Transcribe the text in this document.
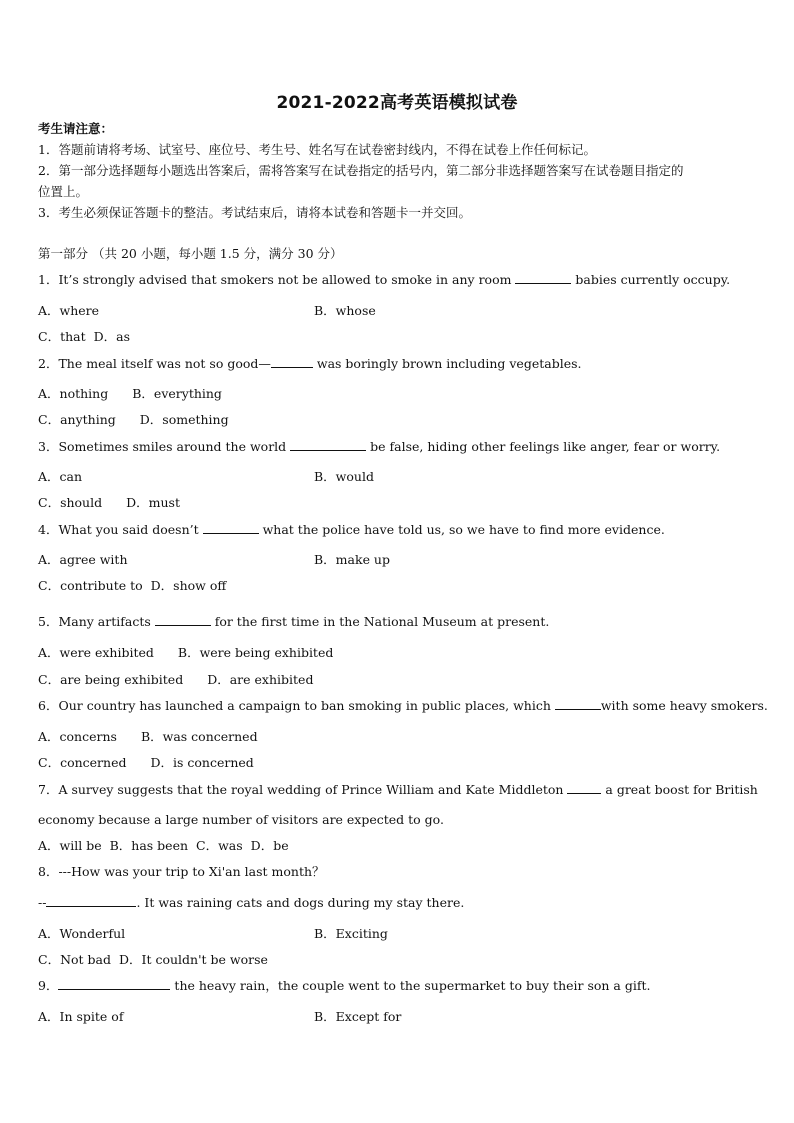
2021-2022高考英语模拟试卷
考生请注意：
1．答题前请将考场、试室号、座位号、考生号、姓名写在试卷密封线内，不得在试卷上作任何标记。
2．第一部分选择题每小题选出答案后，需将答案写在试卷指定的括号内，第二部分非选择题答案写在试卷题目指定的
位置上。
3．考生必须保证答题卡的整洁。考试结束后，请将本试卷和答题卡一并交回。
第一部分 （共 20 小题，每小题 1.5 分，满分 30 分）
1．It’s strongly advised that smokers not be allowed to smoke in any room	babies currently occupy.
A．where	B．whose
C．that D．as
2．The meal itself was not so good—	was boringly brown including vegetables.
A．nothing B．everything
C．anything D．something
3．Sometimes smiles around the world	be false, hiding other feelings like anger, fear or worry.
A．can	B．would
C．should D．must
4．What you said doesn’t	what the police have told us, so we have to find more evidence.
A．agree with	B．make up
C．contribute to D．show off
5．Many artifacts	for the first time in the National Museum at present.
A．were exhibited B．were being exhibited
C．are being exhibited D．are exhibited
6．Our country has launched a campaign to ban smoking in public places, which	with some heavy smokers.
A．concerns B．was concerned
C．concerned D．is concerned
7．A survey suggests that the royal wedding of Prince William and Kate Middleton	a great boost for British
economy because a large number of visitors are expected to go.
A．will be B．has been C．was D．be
8．---How was your trip to Xi'an last month？
--	. It was raining cats and dogs during my stay there.
A．Wonderful	B．Exciting
C．Not bad D．It couldn't be worse
9．	the heavy rain，the couple went to the supermarket to buy their son a gift.
A．In spite of	B．Except for
